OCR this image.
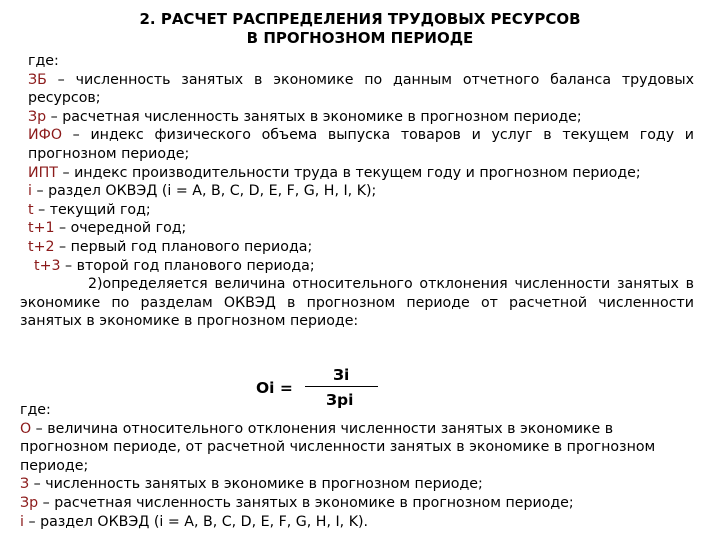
2. РАСЧЕТ РАСПРЕДЕЛЕНИЯ ТРУДОВЫХ РЕСУРСОВ
В ПРОГНОЗНОМ ПЕРИОДЕ
где:
ЗБ – численность занятых в экономике по данным отчетного баланса трудовых ресурсов;
Зр – расчетная численность занятых в экономике в прогнозном периоде;
ИФО – индекс физического объема выпуска товаров и услуг в текущем году и прогнозном периоде;
ИПТ – индекс производительности труда в текущем году и прогнозном периоде;
i – раздел ОКВЭД (i = A, B, C, D, E, F, G, H, I, K);
t – текущий год;
t+1 – очередной год;
t+2 – первый год планового периода;
t+3 – второй год планового периода;
2)определяется величина относительного отклонения численности занятых в экономике по разделам ОКВЭД в прогнозном периоде от расчетной численности занятых в экономике в прогнозном периоде:
Оi =
Зi
Зрi
где:
О – величина относительного отклонения численности занятых в экономике в прогнозном периоде, от расчетной численности занятых в экономике в прогнозном периоде;
З – численность занятых в экономике в прогнозном периоде;
Зр – расчетная численность занятых в экономике в прогнозном периоде;
i – раздел ОКВЭД (i = A, B, C, D, E, F, G, H, I, K).
